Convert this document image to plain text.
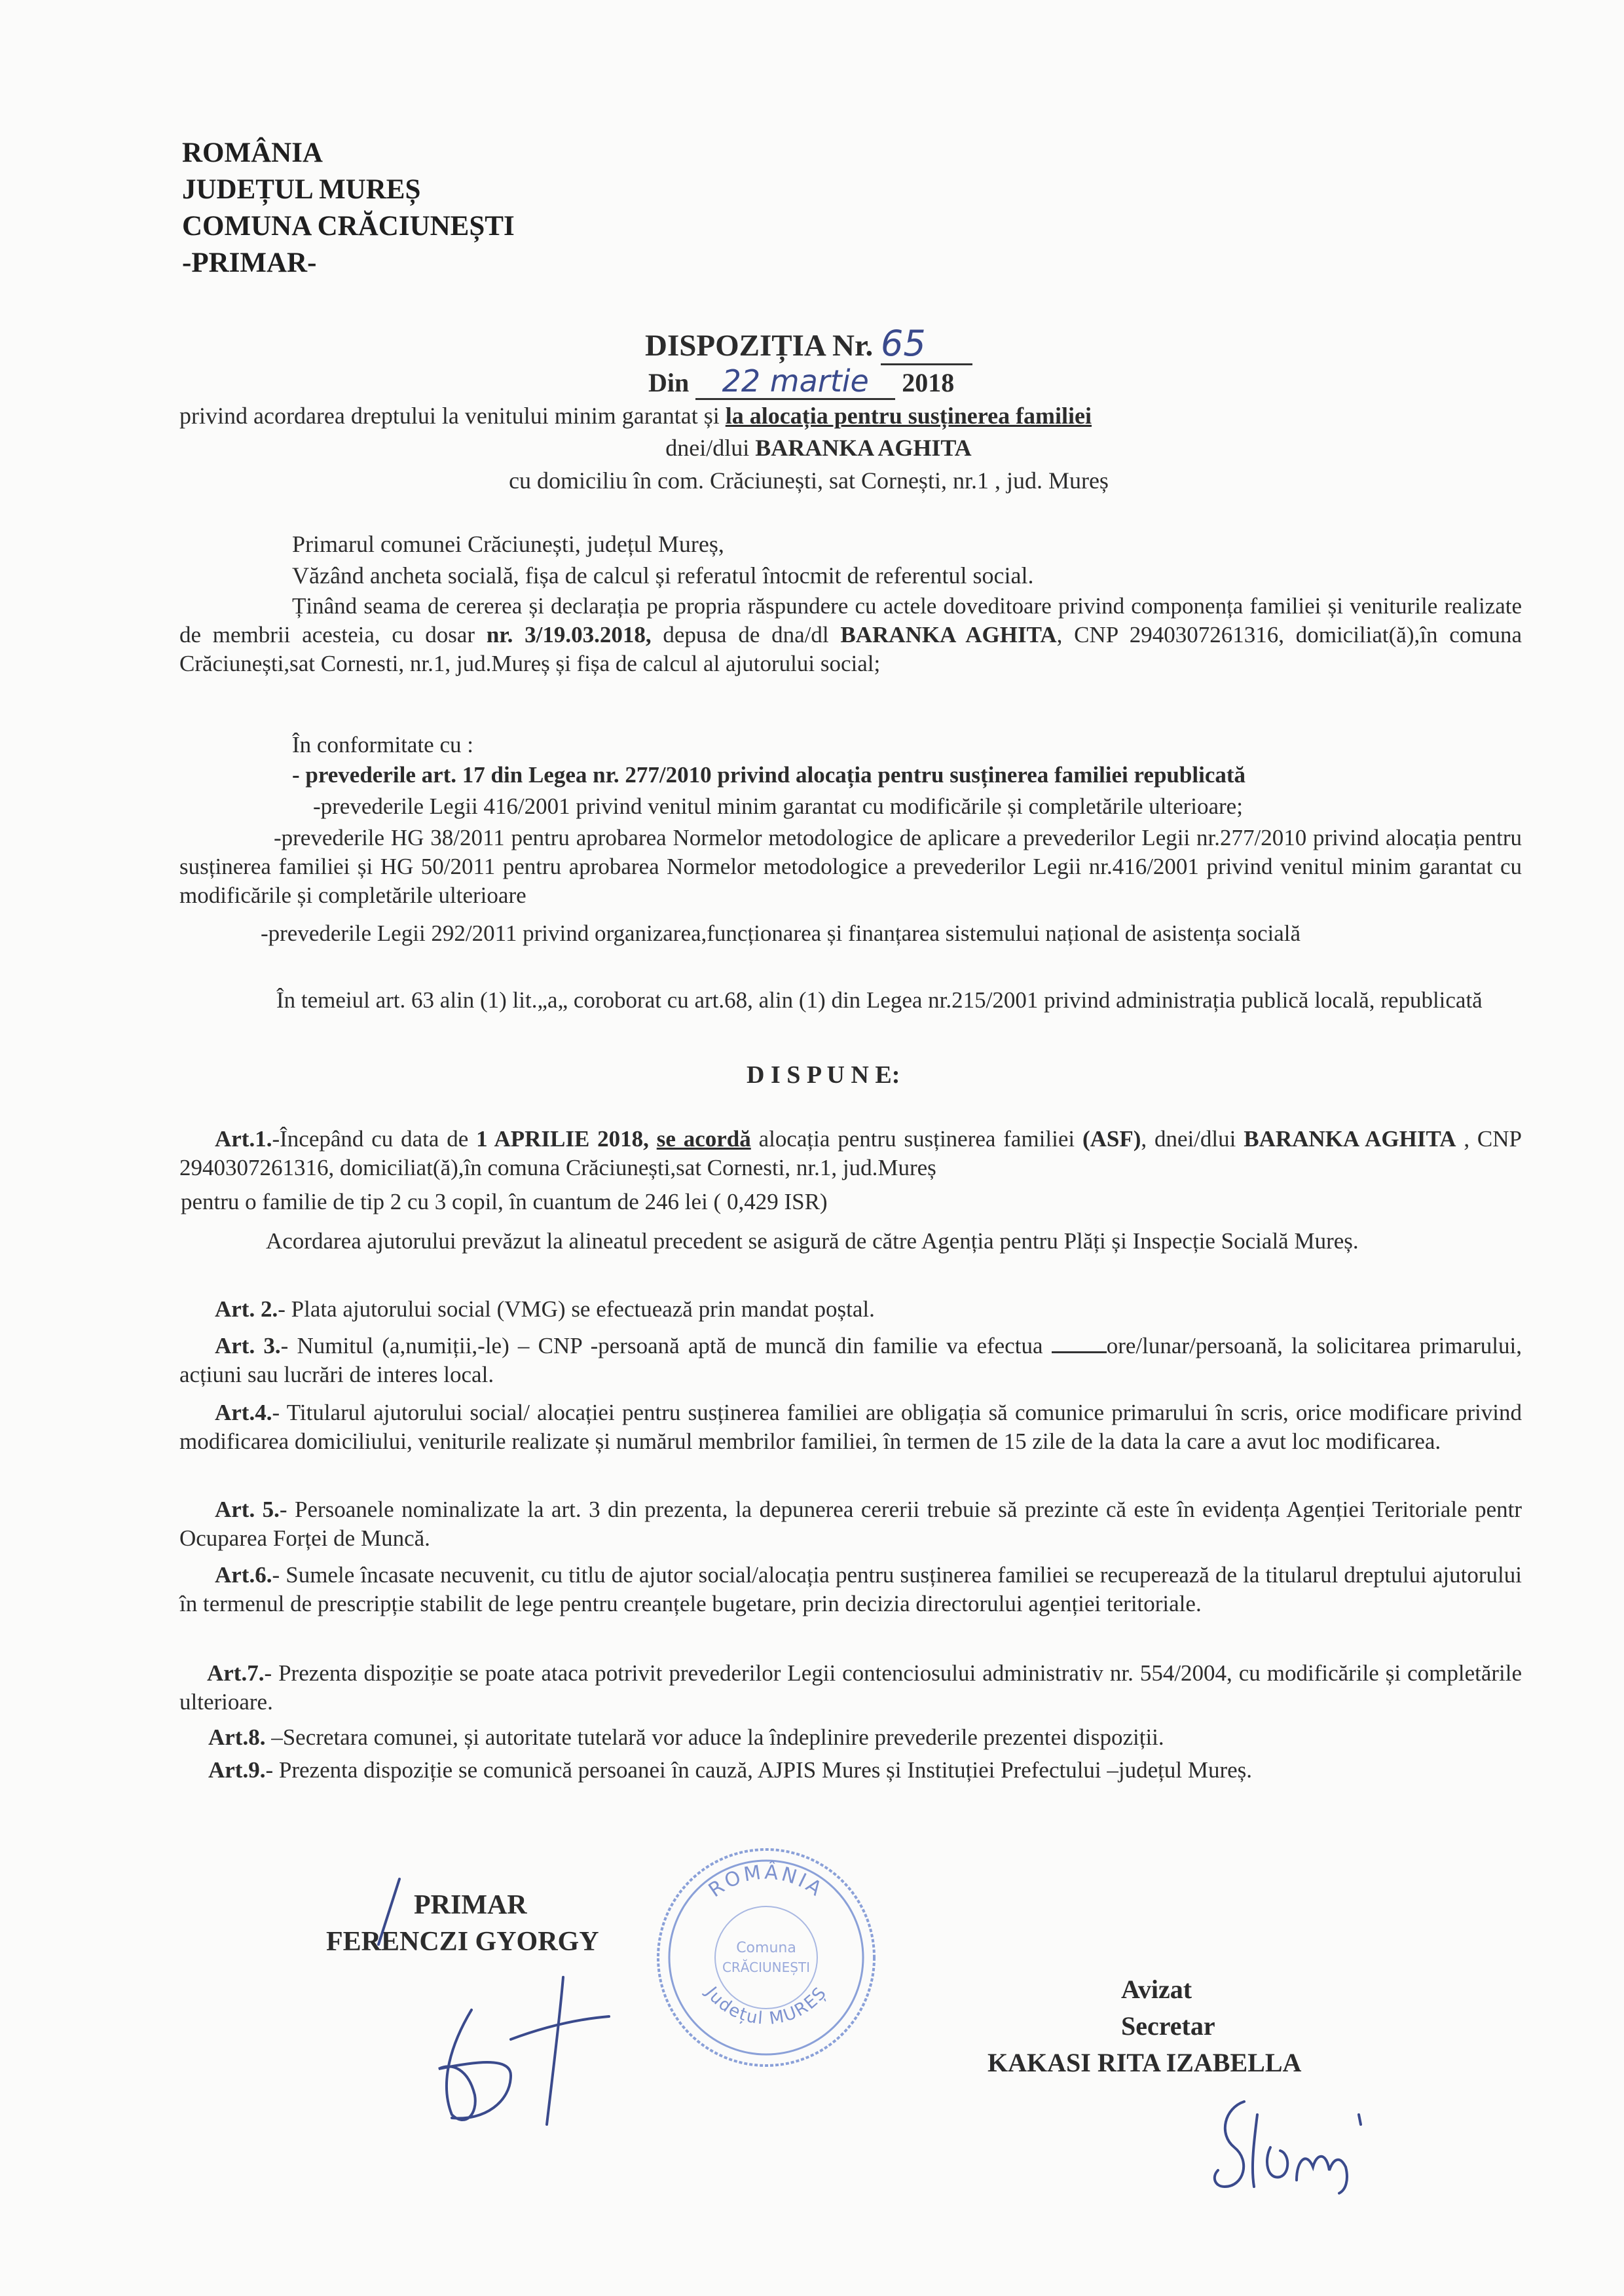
ROMÂNIA
JUDEȚUL MUREȘ
COMUNA CRĂCIUNEȘTI
-PRIMAR-
DISPOZIȚIA Nr. 65
Din 22 martie 2018
privind acordarea dreptului la venitului minim garantat și la alocația pentru susținerea familiei
dnei/dlui BARANKA AGHITA
cu domiciliu în com. Crăciunești, sat Cornești, nr.1 , jud. Mureș
Primarul comunei Crăciunești, județul Mureș,
Văzând ancheta socială, fișa de calcul și referatul întocmit de referentul social.
Ținând seama de cererea și declarația pe propria răspundere cu actele doveditoare privind componența familiei și veniturile realizate de membrii acesteia, cu dosar nr. 3/19.03.2018, depusa de dna/dl BARANKA AGHITA, CNP 2940307261316, domiciliat(ă),în comuna Crăciunești,sat Cornesti, nr.1, jud.Mureș și fișa de calcul al ajutorului social;
În conformitate cu :
- prevederile art. 17 din Legea nr. 277/2010 privind alocația pentru susținerea familiei republicată
-prevederile Legii 416/2001 privind venitul minim garantat cu modificările și completările ulterioare;
-prevederile HG 38/2011 pentru aprobarea Normelor metodologice de aplicare a prevederilor Legii nr.277/2010 privind alocația pentru susținerea familiei și HG 50/2011 pentru aprobarea Normelor metodologice a prevederilor Legii nr.416/2001 privind venitul minim garantat cu modificările și completările ulterioare
-prevederile Legii 292/2011 privind organizarea,funcționarea și finanțarea sistemului național de asistența socială
În temeiul art. 63 alin (1) lit.„a„ coroborat cu art.68, alin (1) din Legea nr.215/2001 privind administrația publică locală, republicată
D I S P U N E:
Art.1.-Începând cu data de 1 APRILIE 2018, se acordă alocația pentru susținerea familiei (ASF), dnei/dlui BARANKA AGHITA , CNP 2940307261316, domiciliat(ă),în comuna Crăciunești,sat Cornesti, nr.1, jud.Mureș
pentru o familie de tip 2 cu 3 copil, în cuantum de 246 lei ( 0,429 ISR)
Acordarea ajutorului prevăzut la alineatul precedent se asigură de către Agenția pentru Plăți și Inspecție Socială Mureș.
Art. 2.- Plata ajutorului social (VMG) se efectuează prin mandat poștal.
Art. 3.- Numitul (a,numiții,-le) – CNP -persoană aptă de muncă din familie va efectua	ore/lunar/persoană, la solicitarea primarului, acțiuni sau lucrări de interes local.
Art.4.- Titularul ajutorului social/ alocației pentru susținerea familiei are obligația să comunice primarului în scris, orice modificare privind modificarea domiciliului, veniturile realizate și numărul membrilor familiei, în termen de 15 zile de la data la care a avut loc modificarea.
Art. 5.- Persoanele nominalizate la art. 3 din prezenta, la depunerea cererii trebuie să prezinte că este în evidența Agenției Teritoriale pentr Ocuparea Forței de Muncă.
Art.6.- Sumele încasate necuvenit, cu titlu de ajutor social/alocația pentru susținerea familiei se recuperează de la titularul dreptului ajutorului în termenul de prescripție stabilit de lege pentru creanțele bugetare, prin decizia directorului agenției teritoriale.
Art.7.- Prezenta dispoziție se poate ataca potrivit prevederilor Legii contenciosului administrativ nr. 554/2004, cu modificările și completările ulterioare.
Art.8. –Secretara comunei, și autoritate tutelară vor aduce la îndeplinire prevederile prezentei dispoziții.
Art.9.- Prezenta dispoziție se comunică persoanei în cauză, AJPIS Mures și Instituției Prefectului –județul Mureș.
PRIMAR
FERENCZI GYORGY
ROMÂNIA
Județul MUREȘ
Comuna
CRĂCIUNEȘTI
Avizat
Secretar
KAKASI RITA IZABELLA
